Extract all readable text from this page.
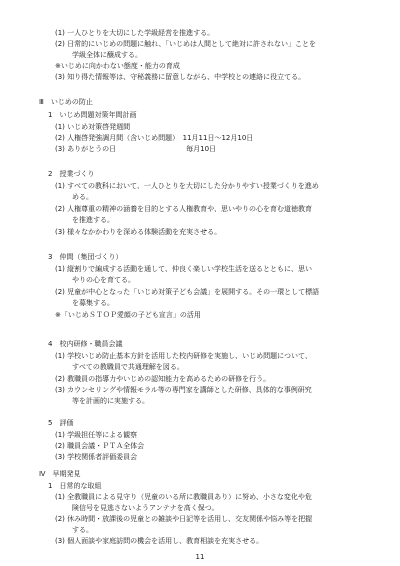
(1) 一人ひとりを大切にした学級経営を推進する。
(2) 日常的にいじめの問題に触れ、「いじめは人間として絶対に許されない」ことを
学級全体に醸成する。
※いじめに向かわない態度・能力の育成
(3) 知り得た情報等は、守秘義務に留意しながら、中学校との連絡に役立てる。
Ⅲ　いじめの防止
1　いじめ問題対策年間計画
(1) いじめ対策啓発週間
(2) 人権啓発強調月間（含いじめ問題）　11月11日～12月10日
(3) ありがとうの日　　　　　　　　　　毎月10日
2　授業づくり
(1) すべての教科において、一人ひとりを大切にした分かりやすい授業づくりを進め
める。
(2) 人権尊重の精神の涵養を目的とする人権教育や、思いやりの心を育む道徳教育
を推進する。
(3) 様々なかかわりを深める体験活動を充実させる。
3　仲間（集団づくり）
(1) 縦割りで編成する活動を通して、仲良く楽しい学校生活を送るとともに、思い
やりの心を育てる。
(2) 児童が中心となった「いじめ対策子ども会議」を展開する。その一環として標語
を募集する。
※「いじめＳＴＯＰ愛顔の子ども宣言」の活用
4　校内研修・職員会議
(1) 学校いじめ防止基本方針を活用した校内研修を実施し、いじめ問題について、
すべての教職員で共通理解を図る。
(2) 教職員の指導力やいじめの認知能力を高めるための研修を行う。
(3) カウンセリングや情報モラル等の専門家を講師とした研修、具体的な事例研究
等を計画的に実施する。
5　評価
(1) 学級担任等による観察
(2) 職員会議・ＰＴＡ全体会
(3) 学校関係者評価委員会
Ⅳ　早期発見
1　日常的な取組
(1) 全教職員による見守り（児童のいる所に教職員あり）に努め、小さな変化や危
険信号を見逃さないようアンテナを高く保つ。
(2) 休み時間・放課後の児童との雑談や日記等を活用し、交友関係や悩み等を把握
する。
(3) 個人面談や家庭訪問の機会を活用し、教育相談を充実させる。
11
